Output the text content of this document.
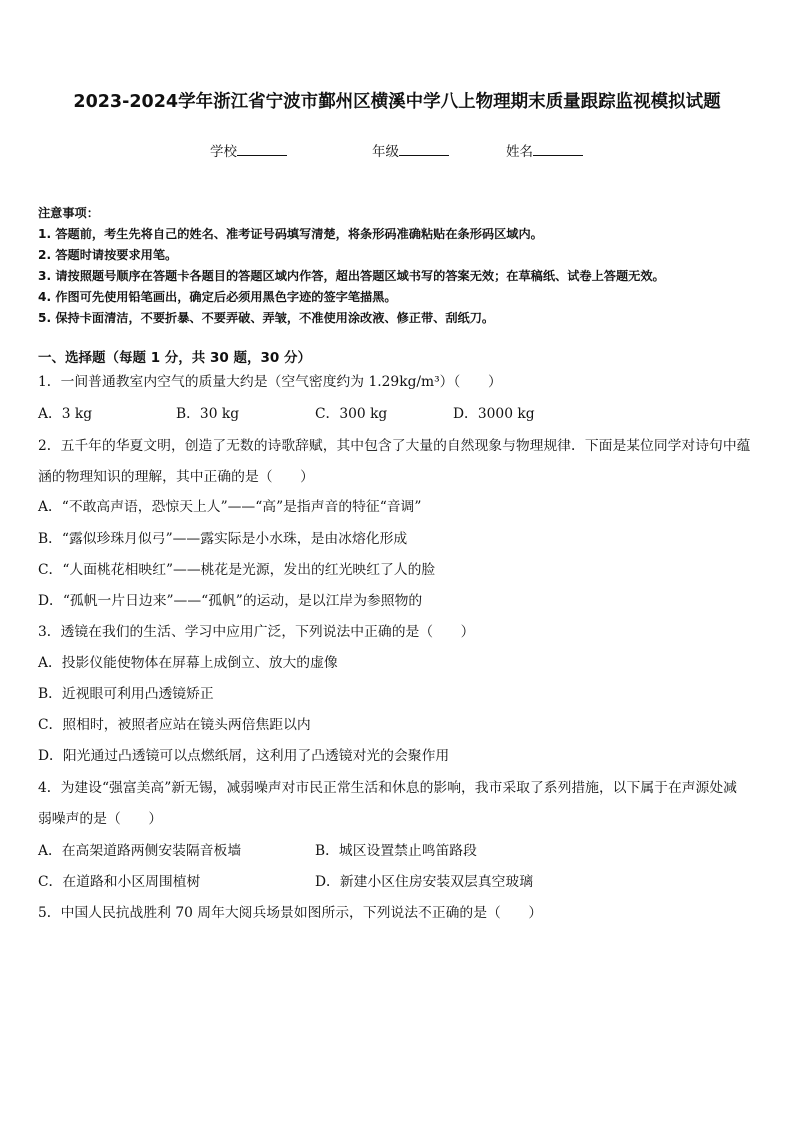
2023-2024学年浙江省宁波市鄞州区横溪中学八上物理期末质量跟踪监视模拟试题
学校	年级	姓名
注意事项：
1. 答题前，考生先将自己的姓名、准考证号码填写清楚，将条形码准确粘贴在条形码区域内。
2. 答题时请按要求用笔。
3. 请按照题号顺序在答题卡各题目的答题区域内作答，超出答题区域书写的答案无效；在草稿纸、试卷上答题无效。
4. 作图可先使用铅笔画出，确定后必须用黑色字迹的签字笔描黑。
5. 保持卡面清洁，不要折暴、不要弄破、弄皱，不准使用涂改液、修正带、刮纸刀。
一、选择题（每题 1 分，共 30 题，30 分）
1．一间普通教室内空气的质量大约是（空气密度约为 1.29kg/m³）（　　）
A．3 kg	B．30 kg	C．300 kg	D．3000 kg
2．五千年的华夏文明，创造了无数的诗歌辞赋，其中包含了大量的自然现象与物理规律．下面是某位同学对诗句中蕴
涵的物理知识的理解，其中正确的是（　　）
A．“不敢高声语，恐惊天上人”——“高”是指声音的特征“音调”
B．“露似珍珠月似弓”——露实际是小水珠，是由冰熔化形成
C．“人面桃花相映红”——桃花是光源，发出的红光映红了人的脸
D．“孤帆一片日边来”——“孤帆”的运动，是以江岸为参照物的
3．透镜在我们的生活、学习中应用广泛，下列说法中正确的是（　　）
A．投影仪能使物体在屏幕上成倒立、放大的虚像
B．近视眼可利用凸透镜矫正
C．照相时，被照者应站在镜头两倍焦距以内
D．阳光通过凸透镜可以点燃纸屑，这利用了凸透镜对光的会聚作用
4．为建设“强富美高”新无锡，减弱噪声对市民正常生活和休息的影响，我市采取了系列措施，以下属于在声源处减
弱噪声的是（　　）
A．在高架道路两侧安装隔音板墙	B．城区设置禁止鸣笛路段
C．在道路和小区周围植树	D．新建小区住房安装双层真空玻璃
5．中国人民抗战胜利 70 周年大阅兵场景如图所示，下列说法不正确的是（　　）
